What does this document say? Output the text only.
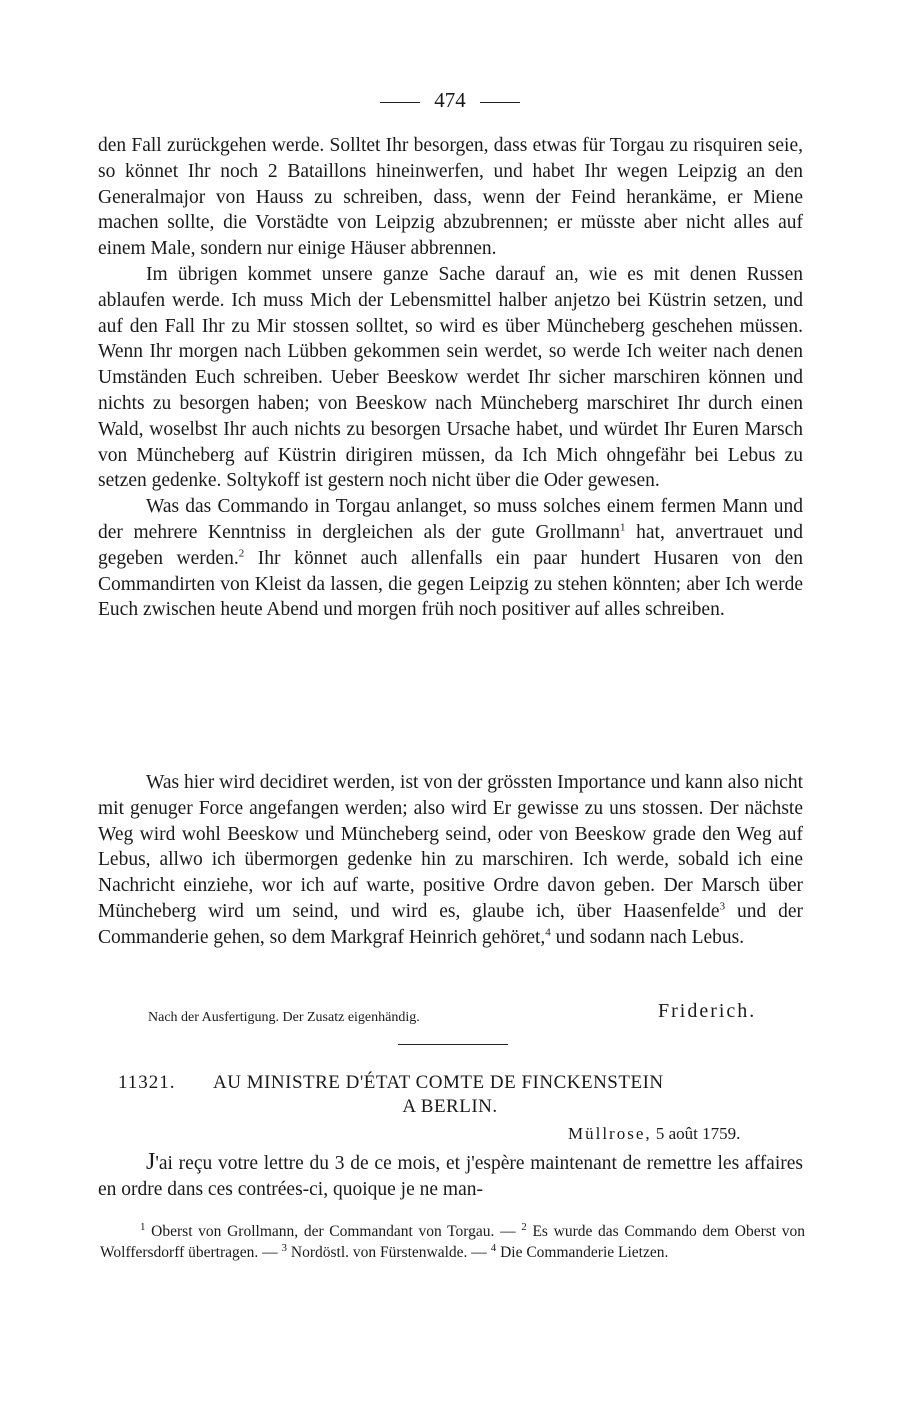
474

den Fall zurückgehen werde. Solltet Ihr besorgen, dass etwas für Torgau zu risquiren seie, so könnet Ihr noch 2 Bataillons hineinwerfen, und habet Ihr wegen Leipzig an den Generalmajor von Hauss zu schreiben, dass, wenn der Feind herankäme, er Miene machen sollte, die Vorstädte von Leipzig abzubrennen; er müsste aber nicht alles auf einem Male, sondern nur einige Häuser abbrennen.

Im übrigen kommet unsere ganze Sache darauf an, wie es mit denen Russen ablaufen werde. Ich muss Mich der Lebensmittel halber anjetzo bei Küstrin setzen, und auf den Fall Ihr zu Mir stossen solltet, so wird es über Müncheberg geschehen müssen. Wenn Ihr morgen nach Lübben gekommen sein werdet, so werde Ich weiter nach denen Umständen Euch schreiben. Ueber Beeskow werdet Ihr sicher marschiren können und nichts zu besorgen haben; von Beeskow nach Müncheberg marschiret Ihr durch einen Wald, woselbst Ihr auch nichts zu besorgen Ursache habet, und würdet Ihr Euren Marsch von Müncheberg auf Küstrin dirigiren müssen, da Ich Mich ohngefähr bei Lebus zu setzen gedenke. Soltykoff ist gestern noch nicht über die Oder gewesen.

Was das Commando in Torgau anlanget, so muss solches einem fermen Mann und der mehrere Kenntniss in dergleichen als der gute Grollmann$^1$ hat, anvertrauet und gegeben werden.$^2$ Ihr könnet auch allenfalls ein paar hundert Husaren von den Commandirten von Kleist da lassen, die gegen Leipzig zu stehen könnten; aber Ich werde Euch zwischen heute Abend und morgen früh noch positiver auf alles schreiben.

Was hier wird decidiret werden, ist von der grössten Importance und kann also nicht mit genuger Force angefangen werden; also wird Er gewisse zu uns stossen. Der nächste Weg wird wohl Beeskow und Müncheberg seind, oder von Beeskow grade den Weg auf Lebus, allwo ich übermorgen gedenke hin zu marschiren. Ich werde, sobald ich eine Nachricht einziehe, wor ich auf warte, positive Ordre davon geben. Der Marsch über Müncheberg wird um seind, und wird es, glaube ich, über Haasenfelde$^3$ und der Commanderie gehen, so dem Markgraf Heinrich gehöret,$^4$ und sodann nach Lebus.

Nach der Ausfertigung. Der Zusatz eigenhändig.	Friderich.
11321. AU MINISTRE D'ÉTAT COMTE DE FINCKENSTEIN
A BERLIN.
Müllrose, 5 août 1759.

J'ai reçu votre lettre du 3 de ce mois, et j'espère maintenant de remettre les affaires en ordre dans ces contrées-ci, quoique je ne man-

$^1$ Oberst von Grollmann, der Commandant von Torgau. — $^2$ Es wurde das Commando dem Oberst von Wolffersdorff übertragen. — $^3$ Nordöstl. von Fürstenwalde. — $^4$ Die Commanderie Lietzen.
